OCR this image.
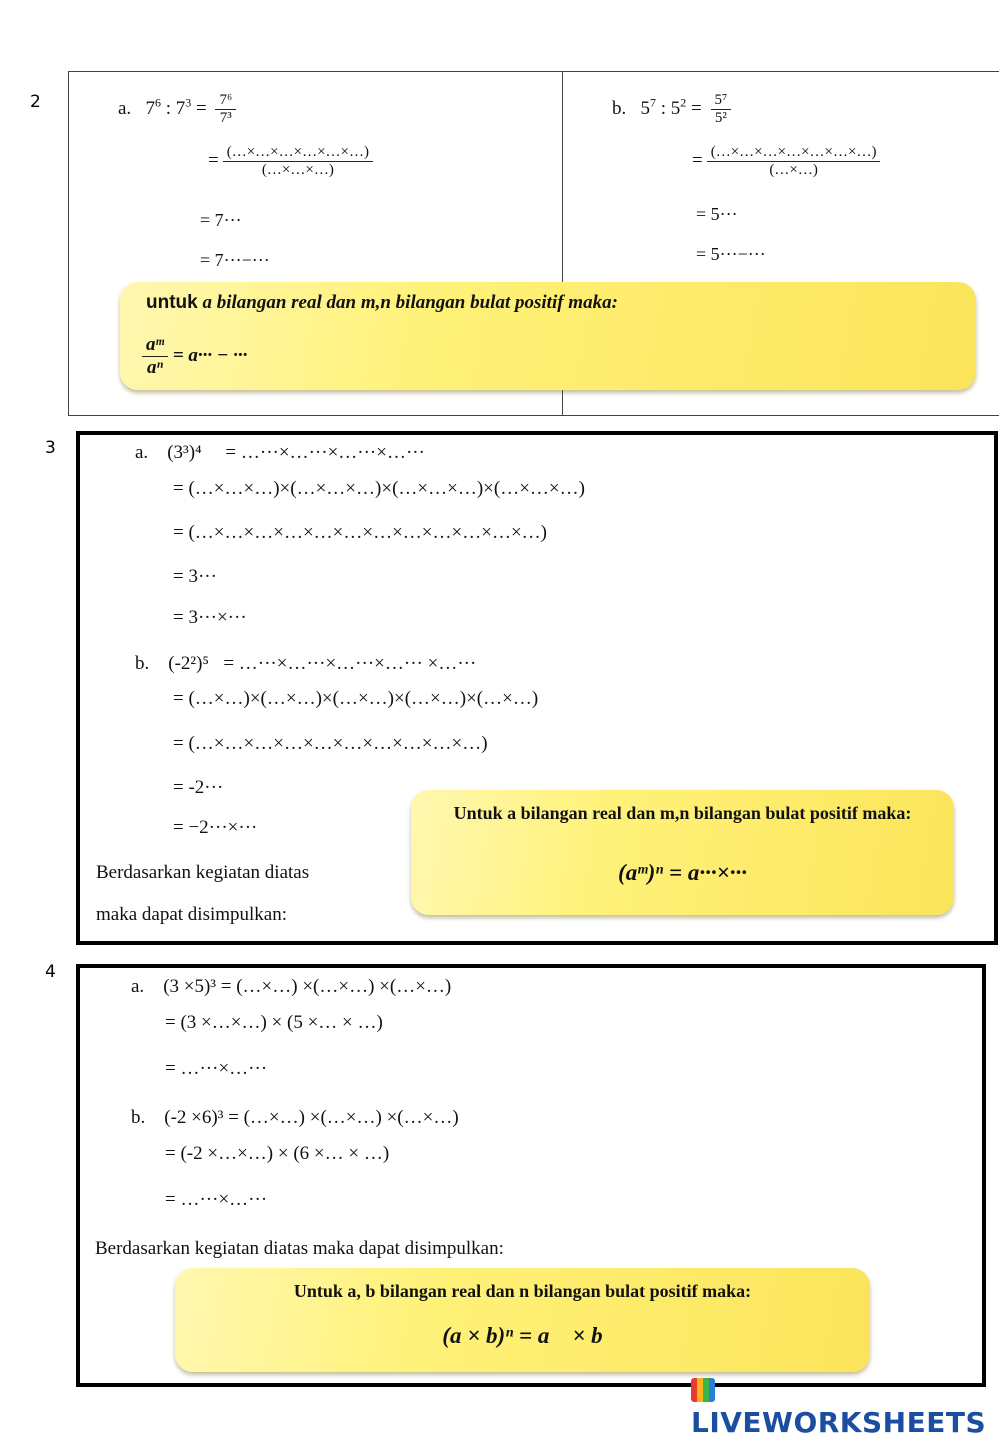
2	a. $7^6$ : $7^3 = \frac{\text{7⁶}}{\text{7³}}$
= $\frac{(\dots\times\dots\times\dots\times\dots\times\dots\times\dots)}{(\dots\times\dots\times\dots)}$
= 7···
= 7···−···
b. $5^7$ : $5^2 = \frac{\text{5⁷}}{\text{5²}}$
= $\frac{(\dots\times\dots\times\dots\times\dots\times\dots\times\dots\times\dots)}{(\dots\times\dots)}$
= 5···
= 5···−···
untuk a bilangan real dan m,n bilangan bulat positif maka:
$\frac{\text{aᵐ}}{\text{aⁿ}} = a\cdot\cdot\cdot$ − ···
3	a. (3³)⁴ = …···×…···×…···×…···
= (…×…×…)×(…×…×…)×(…×…×…)×(…×…×…)
= (…×…×…×…×…×…×…×…×…×…×…×…)
= 3···
= 3···×···
b. (-2²)⁵ = …···×…···×…···×…··· ×…···
= (…×…)×(…×…)×(…×…)×(…×…)×(…×…)
= (…×…×…×…×…×…×…×…×…×…)
= -2···
= −2···×···
Berdasarkan kegiatan diatas
maka dapat disimpulkan:
Untuk a bilangan real dan m,n bilangan bulat positif maka:
(aᵐ)ⁿ = a···×···
4
a. (3 ×5)³ = (…×…) ×(…×…) ×(…×…)
= (3 ×…×…) × (5 ×… × …)
= …···×…···
b. (-2 ×6)³ = (…×…) ×(…×…) ×(…×…)
= (-2 ×…×…) × (6 ×… × …)
= …···×…···
Berdasarkan kegiatan diatas maka dapat disimpulkan:
Untuk a, b bilangan real dan n bilangan bulat positif maka:
(a × b)ⁿ = a    × b
LIVEWORKSHEETS
